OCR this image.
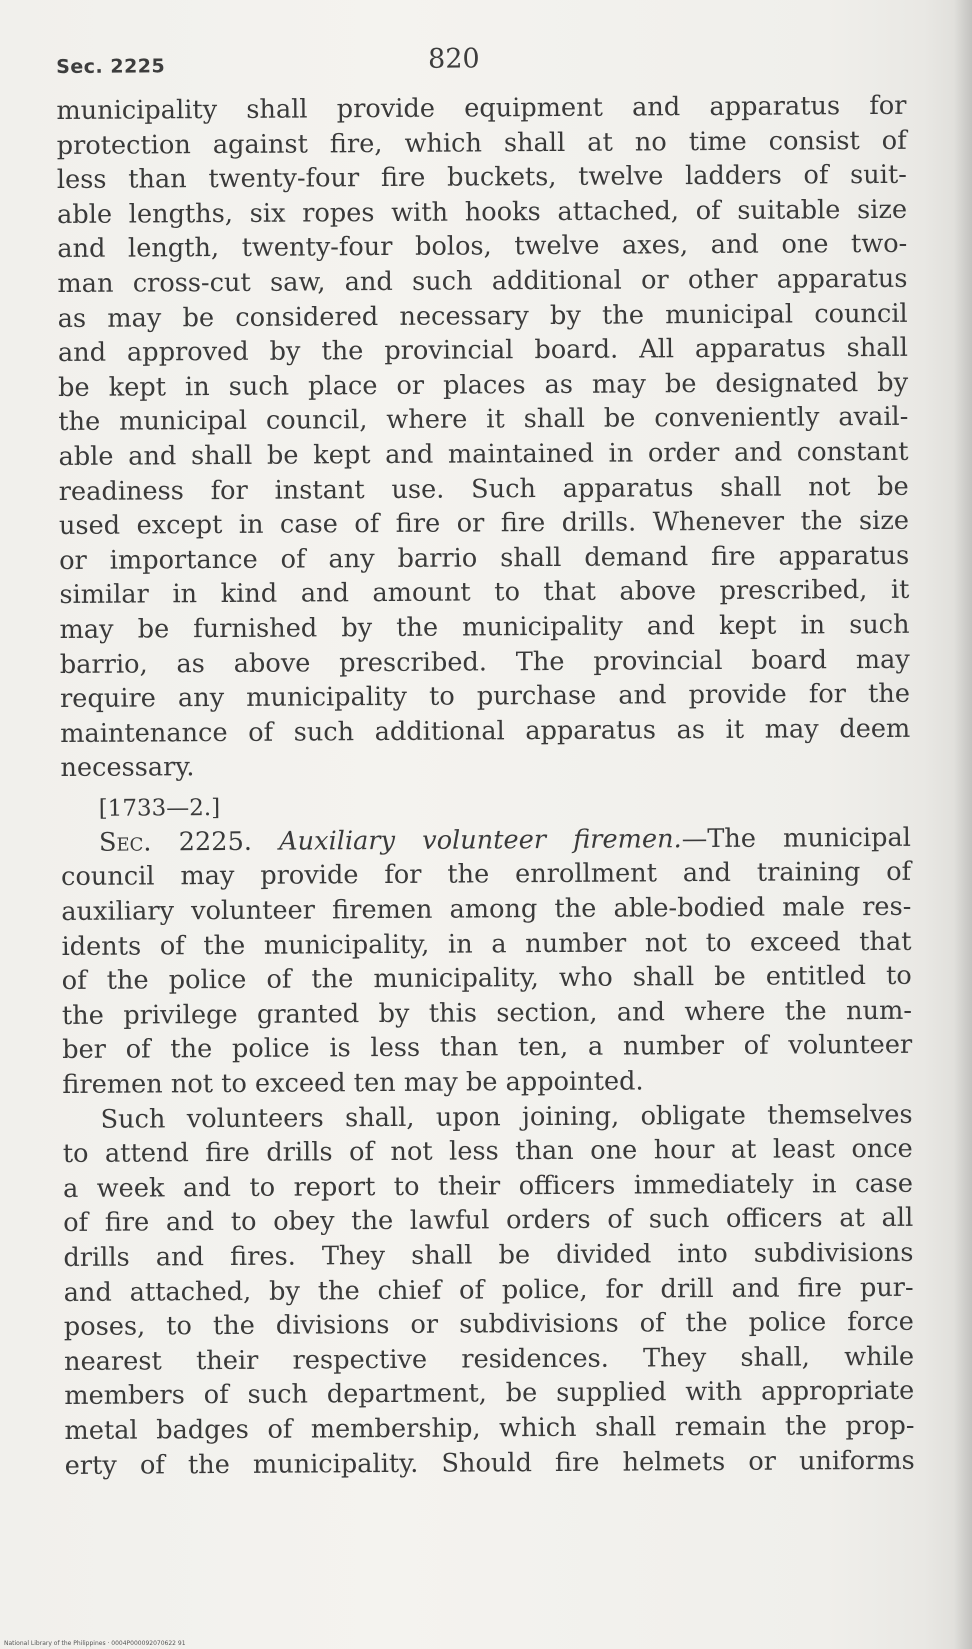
Sec. 2225	820
municipality shall provide equipment and apparatus for
protection against fire, which shall at no time consist of
less than twenty-four fire buckets, twelve ladders of suit-
able lengths, six ropes with hooks attached, of suitable size
and length, twenty-four bolos, twelve axes, and one two-
man cross-cut saw, and such additional or other apparatus
as may be considered necessary by the municipal council
and approved by the provincial board. All apparatus shall
be kept in such place or places as may be designated by
the municipal council, where it shall be conveniently avail-
able and shall be kept and maintained in order and constant
readiness for instant use. Such apparatus shall not be
used except in case of fire or fire drills. Whenever the size
or importance of any barrio shall demand fire apparatus
similar in kind and amount to that above prescribed, it
may be furnished by the municipality and kept in such
barrio, as above prescribed. The provincial board may
require any municipality to purchase and provide for the
maintenance of such additional apparatus as it may deem
necessary.
[1733—2.]
Sec. 2225. Auxiliary volunteer firemen.—The municipal
council may provide for the enrollment and training of
auxiliary volunteer firemen among the able-bodied male res-
idents of the municipality, in a number not to exceed that
of the police of the municipality, who shall be entitled to
the privilege granted by this section, and where the num-
ber of the police is less than ten, a number of volunteer
firemen not to exceed ten may be appointed.
Such volunteers shall, upon joining, obligate themselves
to attend fire drills of not less than one hour at least once
a week and to report to their officers immediately in case
of fire and to obey the lawful orders of such officers at all
drills and fires. They shall be divided into subdivisions
and attached, by the chief of police, for drill and fire pur-
poses, to the divisions or subdivisions of the police force
nearest their respective residences. They shall, while
members of such department, be supplied with appropriate
metal badges of membership, which shall remain the prop-
erty of the municipality. Should fire helmets or uniforms
National Library of the Philippines · 0004P000092070622 91
